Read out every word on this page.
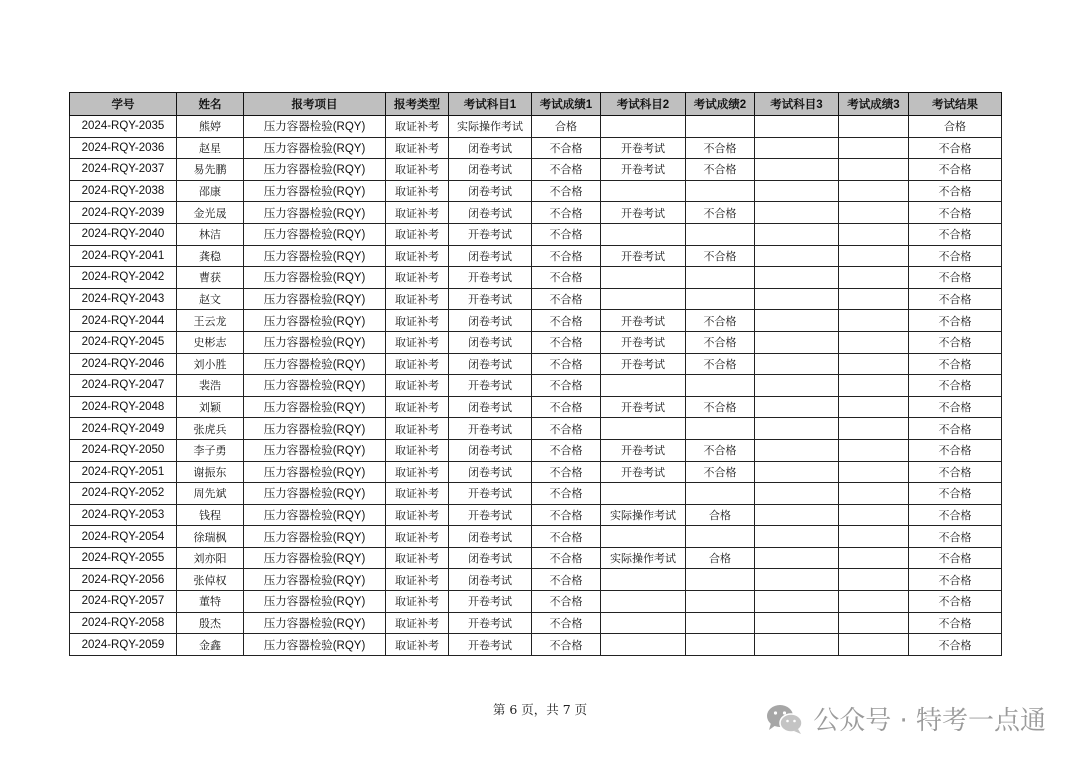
学号	姓名	报考项目	报考类型	考试科目1	考试成绩1	考试科目2	考试成绩2	考试科目3	考试成绩3	考试结果
2024-RQY-2035	熊婷	压力容器检验(RQY)	取证补考	实际操作考试	合格					合格
2024-RQY-2036	赵星	压力容器检验(RQY)	取证补考	闭卷考试	不合格	开卷考试	不合格			不合格
2024-RQY-2037	易先鹏	压力容器检验(RQY)	取证补考	闭卷考试	不合格	开卷考试	不合格			不合格
2024-RQY-2038	邵康	压力容器检验(RQY)	取证补考	闭卷考试	不合格					不合格
2024-RQY-2039	金光晟	压力容器检验(RQY)	取证补考	闭卷考试	不合格	开卷考试	不合格			不合格
2024-RQY-2040	林洁	压力容器检验(RQY)	取证补考	开卷考试	不合格					不合格
2024-RQY-2041	龚稳	压力容器检验(RQY)	取证补考	闭卷考试	不合格	开卷考试	不合格			不合格
2024-RQY-2042	曹获	压力容器检验(RQY)	取证补考	开卷考试	不合格					不合格
2024-RQY-2043	赵文	压力容器检验(RQY)	取证补考	开卷考试	不合格					不合格
2024-RQY-2044	王云龙	压力容器检验(RQY)	取证补考	闭卷考试	不合格	开卷考试	不合格			不合格
2024-RQY-2045	史彬志	压力容器检验(RQY)	取证补考	闭卷考试	不合格	开卷考试	不合格			不合格
2024-RQY-2046	刘小胜	压力容器检验(RQY)	取证补考	闭卷考试	不合格	开卷考试	不合格			不合格
2024-RQY-2047	裴浩	压力容器检验(RQY)	取证补考	开卷考试	不合格					不合格
2024-RQY-2048	刘颖	压力容器检验(RQY)	取证补考	闭卷考试	不合格	开卷考试	不合格			不合格
2024-RQY-2049	张虎兵	压力容器检验(RQY)	取证补考	开卷考试	不合格					不合格
2024-RQY-2050	李子勇	压力容器检验(RQY)	取证补考	闭卷考试	不合格	开卷考试	不合格			不合格
2024-RQY-2051	谢振东	压力容器检验(RQY)	取证补考	闭卷考试	不合格	开卷考试	不合格			不合格
2024-RQY-2052	周先斌	压力容器检验(RQY)	取证补考	开卷考试	不合格					不合格
2024-RQY-2053	钱程	压力容器检验(RQY)	取证补考	开卷考试	不合格	实际操作考试	合格			不合格
2024-RQY-2054	徐瑞枫	压力容器检验(RQY)	取证补考	闭卷考试	不合格					不合格
2024-RQY-2055	刘亦阳	压力容器检验(RQY)	取证补考	闭卷考试	不合格	实际操作考试	合格			不合格
2024-RQY-2056	张倬权	压力容器检验(RQY)	取证补考	闭卷考试	不合格					不合格
2024-RQY-2057	董特	压力容器检验(RQY)	取证补考	开卷考试	不合格					不合格
2024-RQY-2058	殷杰	压力容器检验(RQY)	取证补考	开卷考试	不合格					不合格
2024-RQY-2059	金鑫	压力容器检验(RQY)	取证补考	开卷考试	不合格					不合格
第 6 页，共 7 页	公众号 · 特考一点通
